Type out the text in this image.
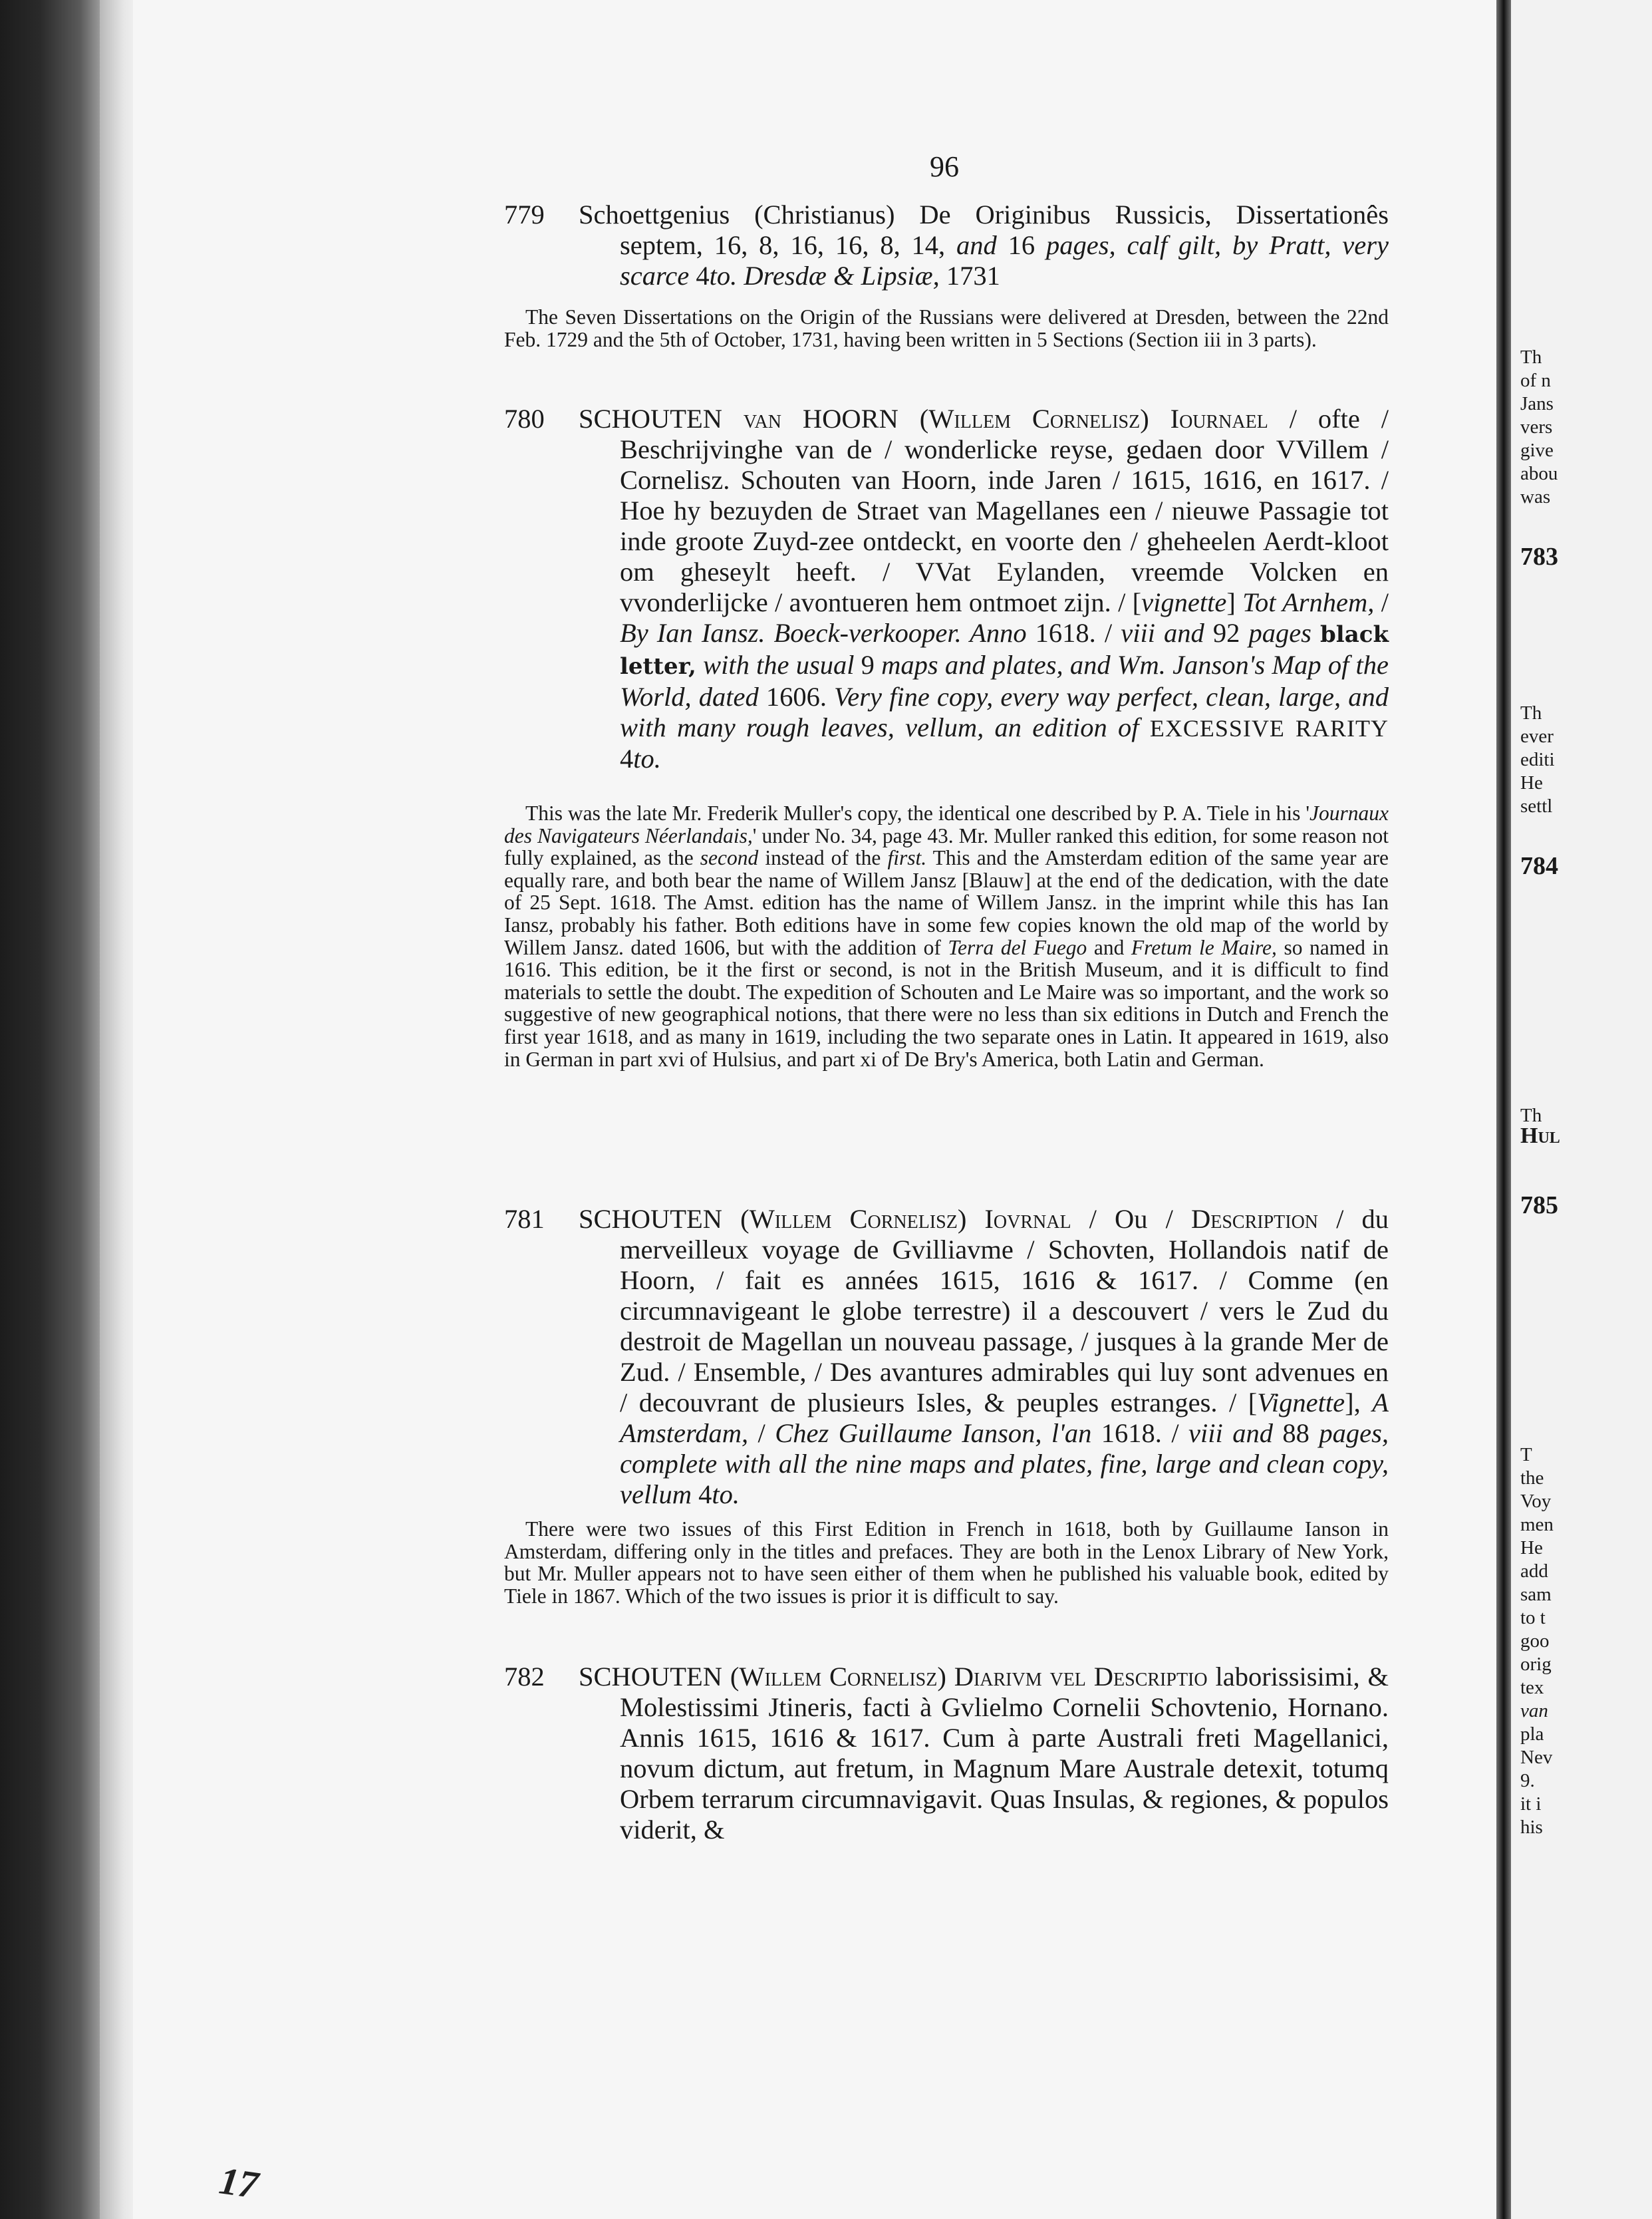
Th
of n
Jans
vers
give
abou
was
783
Th
ever
editi
He
settl
784
Th
Hul
785
T
the
Voy
men
He
add
sam
to t
goo
orig
tex
van
pla
Nev
9.
it i
his
96
779	Schoettgenius (Christianus) De Originibus Russicis, Dissertationês septem, 16, 8, 16, 16, 8, 14, and 16 pages, calf gilt, by Pratt, very scarce 4to. Dresdæ & Lipsiæ, 1731
The Seven Dissertations on the Origin of the Russians were delivered at Dresden, between the 22nd Feb. 1729 and the 5th of October, 1731, having been written in 5 Sections (Section iii in 3 parts).
780	SCHOUTEN van HOORN (Willem Cornelisz) Iournael / ofte / Beschrijvinghe van de / wonderlicke reyse, gedaen door VVillem / Cornelisz. Schouten van Hoorn, inde Jaren / 1615, 1616, en 1617. / Hoe hy bezuyden de Straet van Magellanes een / nieuwe Passagie tot inde groote Zuyd-zee ontdeckt, en voorte den / gheheelen Aerdt-kloot om gheseylt heeft. / VVat Eylanden, vreemde Volcken en vvonderlijcke / avontueren hem ontmoet zijn. / [vignette] Tot Arnhem, / By Ian Iansz. Boeck-verkooper. Anno 1618. / viii and 92 pages black letter, with the usual 9 maps and plates, and Wm. Janson's Map of the World, dated 1606. Very fine copy, every way perfect, clean, large, and with many rough leaves, vellum, an edition of EXCESSIVE RARITY 4to.
This was the late Mr. Frederik Muller's copy, the identical one described by P. A. Tiele in his 'Journaux des Navigateurs Néerlandais,' under No. 34, page 43. Mr. Muller ranked this edition, for some reason not fully explained, as the second instead of the first. This and the Amsterdam edition of the same year are equally rare, and both bear the name of Willem Jansz [Blauw] at the end of the dedication, with the date of 25 Sept. 1618. The Amst. edition has the name of Willem Jansz. in the imprint while this has Ian Iansz, probably his father. Both editions have in some few copies known the old map of the world by Willem Jansz. dated 1606, but with the addition of Terra del Fuego and Fretum le Maire, so named in 1616. This edition, be it the first or second, is not in the British Museum, and it is difficult to find materials to settle the doubt. The expedition of Schouten and Le Maire was so important, and the work so suggestive of new geographical notions, that there were no less than six editions in Dutch and French the first year 1618, and as many in 1619, including the two separate ones in Latin. It appeared in 1619, also in German in part xvi of Hulsius, and part xi of De Bry's America, both Latin and German.
781	SCHOUTEN (Willem Cornelisz) Iovrnal / Ou / Description / du merveilleux voyage de Gvilliavme / Schovten, Hollandois natif de Hoorn, / fait es années 1615, 1616 & 1617. / Comme (en circumnavigeant le globe terrestre) il a descouvert / vers le Zud du destroit de Magellan un nouveau passage, / jusques à la grande Mer de Zud. / Ensemble, / Des avantures admirables qui luy sont advenues en / decouvrant de plusieurs Isles, & peuples estranges. / [Vignette], A Amsterdam, / Chez Guillaume Ianson, l'an 1618. / viii and 88 pages, complete with all the nine maps and plates, fine, large and clean copy, vellum 4to.
There were two issues of this First Edition in French in 1618, both by Guillaume Ianson in Amsterdam, differing only in the titles and prefaces. They are both in the Lenox Library of New York, but Mr. Muller appears not to have seen either of them when he published his valuable book, edited by Tiele in 1867. Which of the two issues is prior it is difficult to say.
782	SCHOUTEN (Willem Cornelisz) Diarivm vel Descriptio laborissisimi, & Molestissimi Jtineris, facti à Gvlielmo Cornelii Schovtenio, Hornano. Annis 1615, 1616 & 1617. Cum à parte Australi freti Magellanici, novum dictum, aut fretum, in Magnum Mare Australe detexit, totumq Orbem terrarum circumnavigavit. Quas Insulas, & regiones, & populos viderit, &
17
